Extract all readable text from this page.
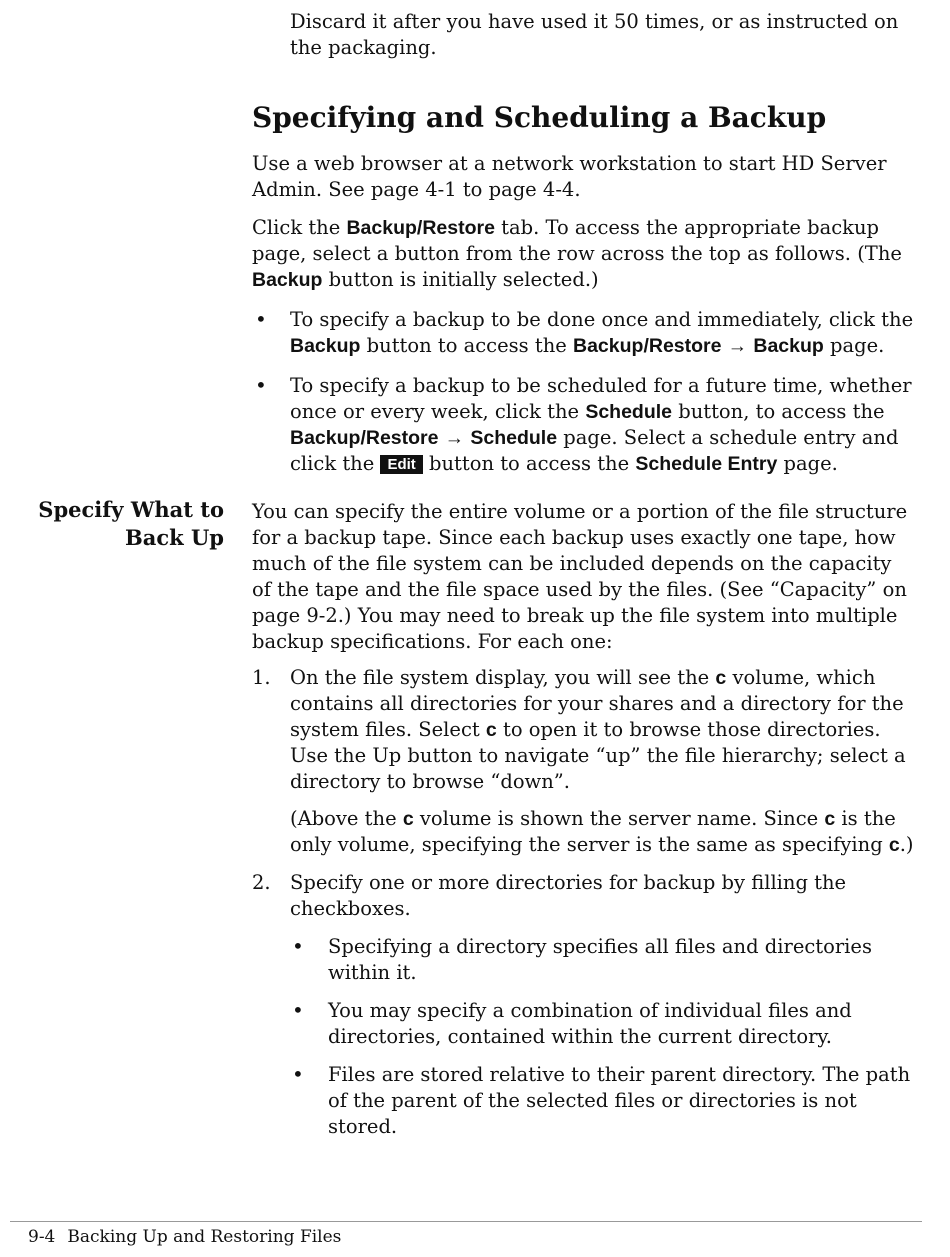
Discard it after you have used it 50 times, or as instructed on the packaging.

Specifying and Scheduling a Backup

Use a web browser at a network workstation to start HD Server Admin. See page 4-1 to page 4-4.

Click the Backup/Restore tab. To access the appropriate backup page, select a button from the row across the top as follows. (The Backup button is initially selected.)

• To specify a backup to be done once and immediately, click the Backup button to access the Backup/Restore → Backup page.

• To specify a backup to be scheduled for a future time, whether once or every week, click the Schedule button, to access the Backup/Restore → Schedule page. Select a schedule entry and click the Edit button to access the Schedule Entry page.

Specify What to
Back Up

You can specify the entire volume or a portion of the file structure for a backup tape. Since each backup uses exactly one tape, how much of the file system can be included depends on the capacity of the tape and the file space used by the files. (See “Capacity” on page 9-2.) You may need to break up the file system into multiple backup specifications. For each one:

1. On the file system display, you will see the c volume, which contains all directories for your shares and a directory for the system files. Select c to open it to browse those directories. Use the Up button to navigate “up” the file hierarchy; select a directory to browse “down”.

(Above the c volume is shown the server name. Since c is the only volume, specifying the server is the same as specifying c.)

2. Specify one or more directories for backup by filling the checkboxes.

• Specifying a directory specifies all files and directories within it.

• You may specify a combination of individual files and directories, contained within the current directory.

• Files are stored relative to their parent directory. The path of the parent of the selected files or directories is not stored.

9-4 Backing Up and Restoring Files
